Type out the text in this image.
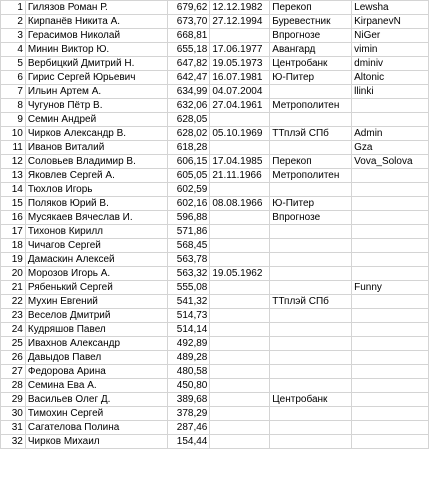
1	Гилязов Роман Р.	679,62	12.12.1982	Перекоп	Lewsha
2	Кирпанёв Никита А.	673,70	27.12.1994	Буревестник	KirpanevN
3	Герасимов Николай	668,81		Впрогнозе	NiGer
4	Минин Виктор Ю.	655,18	17.06.1977	Авангард	vimin
5	Вербицкий Дмитрий Н.	647,82	19.05.1973	Центробанк	dminiv
6	Гирис Сергей Юрьевич	642,47	16.07.1981	Ю-Питер	Altonic
7	Ильин Артем А.	634,99	04.07.2004		llinki
8	Чугунов Пётр В.	632,06	27.04.1961	Метрополитен	
9	Семин Андрей	628,05			
10	Чирков Александр В.	628,02	05.10.1969	ТТплэй СПб	Admin
11	Иванов Виталий	618,28			Gza
12	Соловьев Владимир В.	606,15	17.04.1985	Перекоп	Vova_Solova
13	Яковлев Сергей А.	605,05	21.11.1966	Метрополитен	
14	Тюхлов Игорь	602,59			
15	Поляков Юрий В.	602,16	08.08.1966	Ю-Питер	
16	Мусякаев Вячеслав И.	596,88		Впрогнозе	
17	Тихонов Кирилл	571,86			
18	Чичагов Сергей	568,45			
19	Дамаскин Алексей	563,78			
20	Морозов Игорь А.	563,32	19.05.1962		
21	Рябенький Сергей	555,08			Funny
22	Мухин Евгений	541,32		ТТплэй СПб	
23	Веселов Дмитрий	514,73			
24	Кудряшов Павел	514,14			
25	Ивахнов Александр	492,89			
26	Давыдов Павел	489,28			
27	Федорова Арина	480,58			
28	Семина Ева А.	450,80			
29	Васильев Олег Д.	389,68		Центробанк	
30	Тимохин Сергей	378,29			
31	Сагателова Полина	287,46			
32	Чирков Михаил	154,44			
